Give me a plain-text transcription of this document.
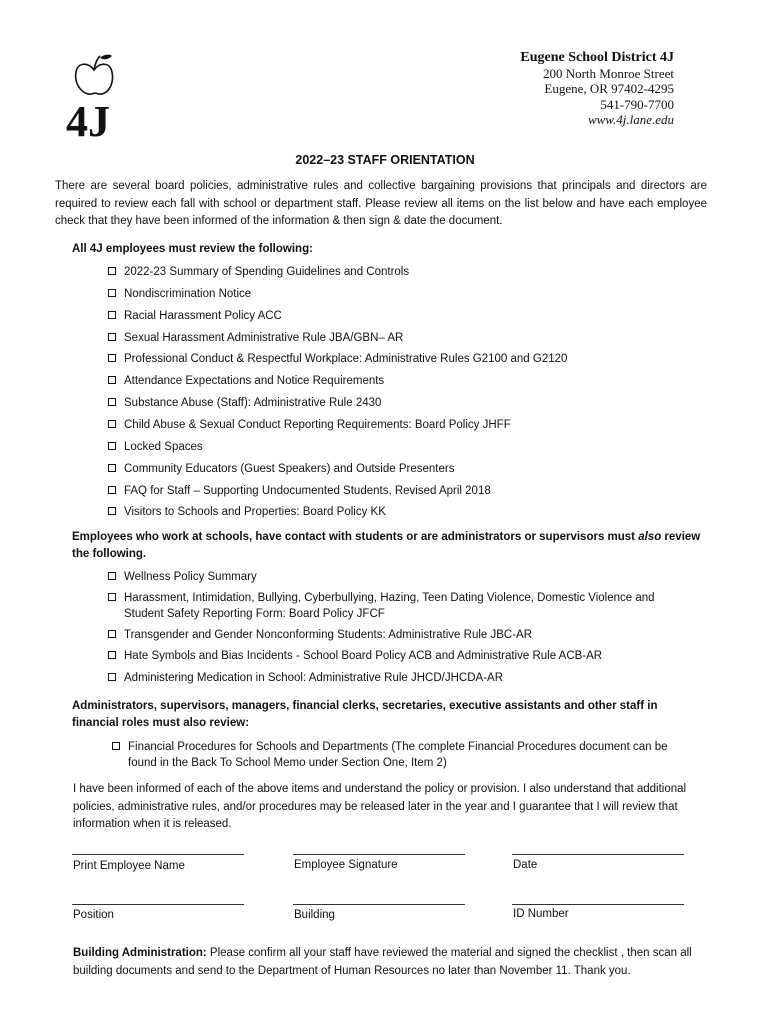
4J
Eugene School District 4J
200 North Monroe Street
Eugene, OR 97402-4295
541-790-7700
www.4j.lane.edu
2022–23 STAFF ORIENTATION
There are several board policies, administrative rules and collective bargaining provisions that principals and directors are required to review each fall with school or department staff. Please review all items on the list below and have each employee check that they have been informed of the information & then sign & date the document.
All 4J employees must review the following:
2022-23 Summary of Spending Guidelines and Controls
Nondiscrimination Notice
Racial Harassment Policy ACC
Sexual Harassment Administrative Rule JBA/GBN– AR
Professional Conduct & Respectful Workplace: Administrative Rules G2100 and G2120
Attendance Expectations and Notice Requirements
Substance Abuse (Staff): Administrative Rule 2430
Child Abuse & Sexual Conduct Reporting Requirements: Board Policy JHFF
Locked Spaces
Community Educators (Guest Speakers) and Outside Presenters
FAQ for Staff – Supporting Undocumented Students, Revised April 2018
Visitors to Schools and Properties: Board Policy KK
Employees who work at schools, have contact with students or are administrators or supervisors must also review the following.
Wellness Policy Summary
Harassment, Intimidation, Bullying, Cyberbullying, Hazing, Teen Dating Violence, Domestic Violence and Student Safety Reporting Form: Board Policy JFCF
Transgender and Gender Nonconforming Students: Administrative Rule JBC-AR
Hate Symbols and Bias Incidents - School Board Policy ACB and Administrative Rule ACB-AR
Administering Medication in School: Administrative Rule JHCD/JHCDA-AR
Administrators, supervisors, managers, financial clerks, secretaries, executive assistants and other staff in financial roles must also review:
Financial Procedures for Schools and Departments (The complete Financial Procedures document can be found in the Back To School Memo under Section One, Item 2)
I have been informed of each of the above items and understand the policy or provision. I also understand that additional policies, administrative rules, and/or procedures may be released later in the year and I guarantee that I will review that information when it is released.
Print Employee Name	Employee Signature	Date
Position	Building	ID Number
Building Administration: Please confirm all your staff have reviewed the material and signed the checklist , then scan all building documents and send to the Department of Human Resources no later than November 11. Thank you.
